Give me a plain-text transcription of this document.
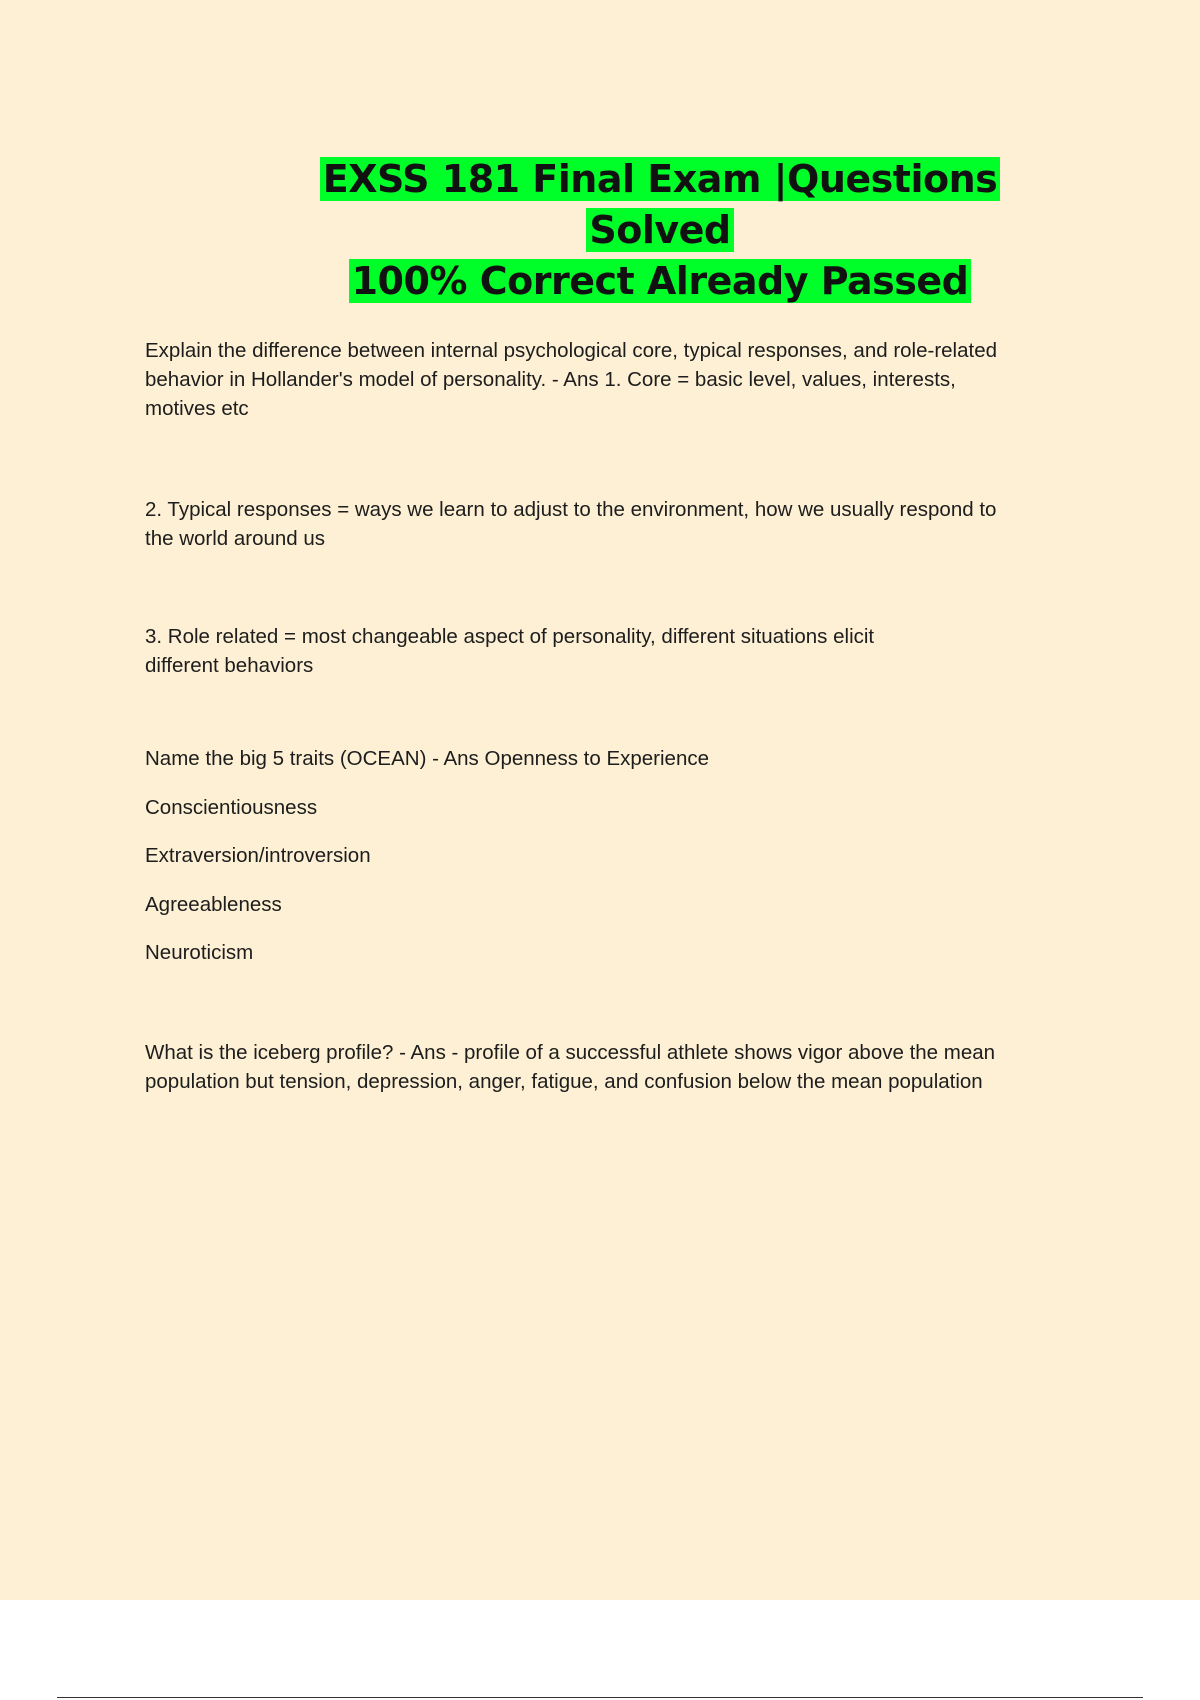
EXSS 181 Final Exam |Questions Solved
100% Correct Already Passed
Explain the difference between internal psychological core, typical responses, and role-related
behavior in Hollander's model of personality. - Ans 1. Core = basic level, values, interests,
motives etc
2. Typical responses = ways we learn to adjust to the environment, how we usually respond to
the world around us
3. Role related = most changeable aspect of personality, different situations elicit
different behaviors
Name the big 5 traits (OCEAN) - Ans Openness to Experience
Conscientiousness
Extraversion/introversion
Agreeableness
Neuroticism
What is the iceberg profile? - Ans - profile of a successful athlete shows vigor above the mean
population but tension, depression, anger, fatigue, and confusion below the mean population
